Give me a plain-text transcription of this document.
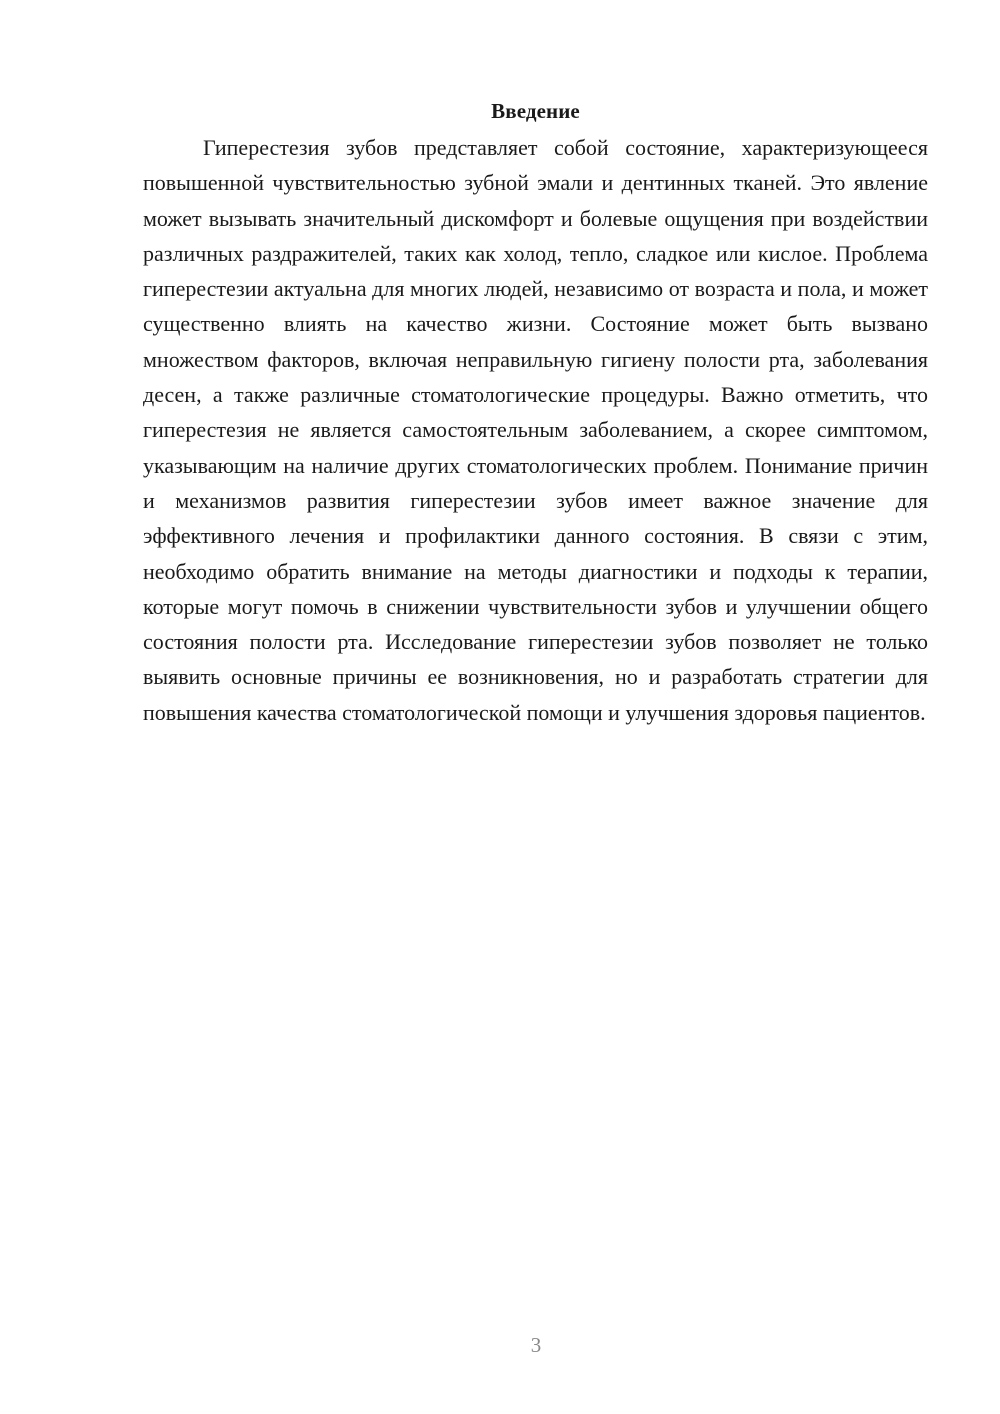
Введение

Гиперестезия зубов представляет собой состояние, характеризующееся повышенной чувствительностью зубной эмали и дентинных тканей. Это явление может вызывать значительный дискомфорт и болевые ощущения при воздействии различных раздражителей, таких как холод, тепло, сладкое или кислое. Проблема гиперестезии актуальна для многих людей, независимо от возраста и пола, и может существенно влиять на качество жизни. Состояние может быть вызвано множеством факторов, включая неправильную гигиену полости рта, заболевания десен, а также различные стоматологические процедуры. Важно отметить, что гиперестезия не является самостоятельным заболеванием, а скорее симптомом, указывающим на наличие других стоматологических проблем. Понимание причин и механизмов развития гиперестезии зубов имеет важное значение для эффективного лечения и профилактики данного состояния. В связи с этим, необходимо обратить внимание на методы диагностики и подходы к терапии, которые могут помочь в снижении чувствительности зубов и улучшении общего состояния полости рта. Исследование гиперестезии зубов позволяет не только выявить основные причины ее возникновения, но и разработать стратегии для повышения качества стоматологической помощи и улучшения здоровья пациентов.

3
